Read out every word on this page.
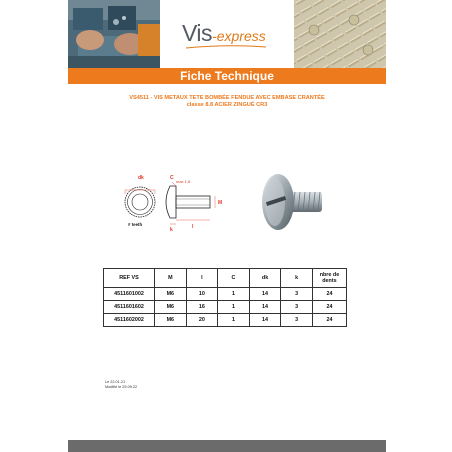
Vis-express
Fiche Technique
VS4511 - VIS METAUX TETE BOMBÉE FENDUE AVEC EMBASE CRANTÉE
classe 8.8 ACIER ZINGUÉ CR3
dk
# teeth
C
max 1,6
M
l
k
REF VS	M	l	C	dk	k	nbre de dents
4511601002	M6	10	1	14	3	24
4511601602	M6	16	1	14	3	24
4511602002	M6	20	1	14	3	24
Le 22.01.21
Modifié le 29.09.22
